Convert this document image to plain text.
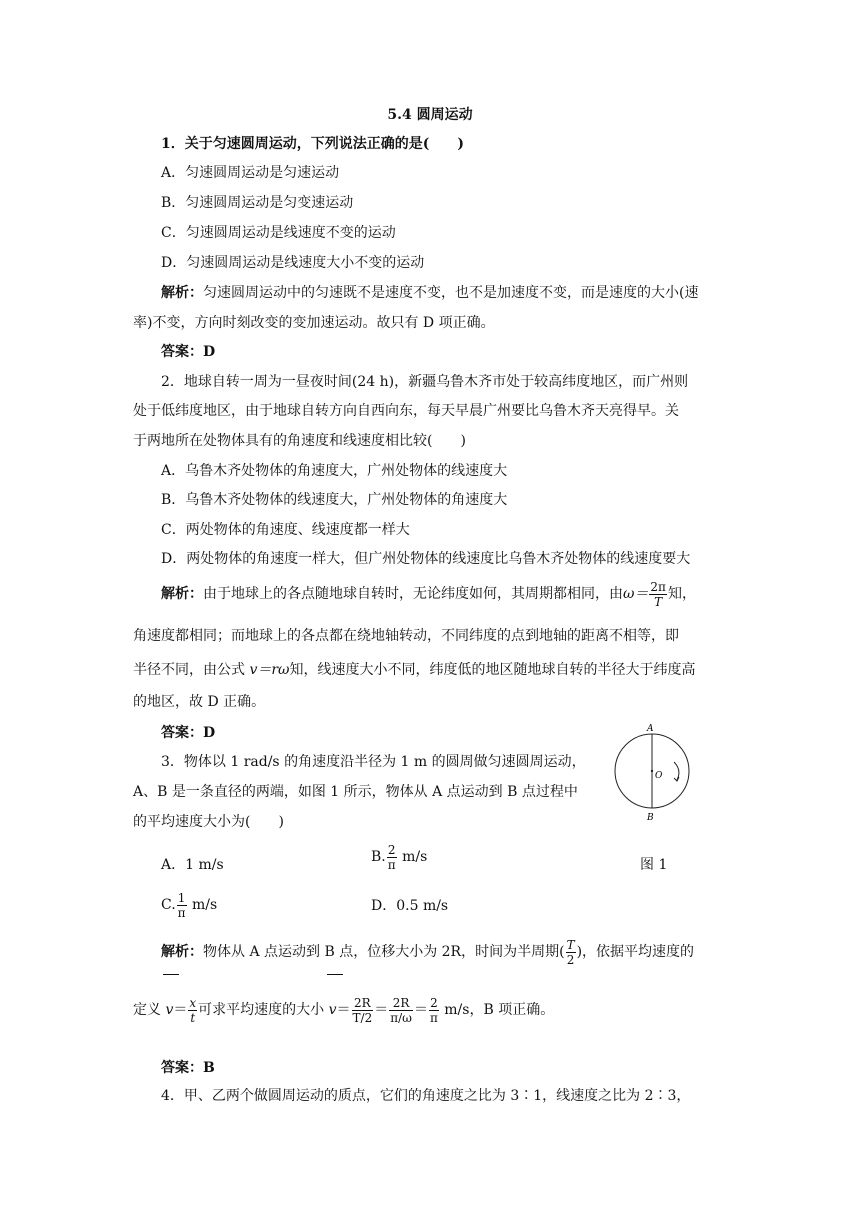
5.4 圆周运动
1．关于匀速圆周运动，下列说法正确的是(　　)
A．匀速圆周运动是匀速运动
B．匀速圆周运动是匀变速运动
C．匀速圆周运动是线速度不变的运动
D．匀速圆周运动是线速度大小不变的运动
解析：匀速圆周运动中的匀速既不是速度不变，也不是加速度不变，而是速度的大小(速
率)不变，方向时刻改变的变加速运动。故只有 D 项正确。
答案：D
2．地球自转一周为一昼夜时间(24 h)，新疆乌鲁木齐市处于较高纬度地区，而广州则
处于低纬度地区，由于地球自转方向自西向东，每天早晨广州要比乌鲁木齐天亮得早。关
于两地所在处物体具有的角速度和线速度相比较(　　)
A．乌鲁木齐处物体的角速度大，广州处物体的线速度大
B．乌鲁木齐处物体的线速度大，广州处物体的角速度大
C．两处物体的角速度、线速度都一样大
D．两处物体的角速度一样大，但广州处物体的线速度比乌鲁木齐处物体的线速度要大
解析：由于地球上的各点随地球自转时，无论纬度如何，其周期都相同，由$\omega= \frac{2\pi}{T}$ 知，
角速度都相同；而地球上的各点都在绕地轴转动，不同纬度的点到地轴的距离不相等，即
半径不同，由公式 v＝rω知，线速度大小不同，纬度低的地区随地球自转的半径大于纬度高
的地区，故 D 正确。
答案：D
3．物体以 1 rad/s 的角速度沿半径为 1 m 的圆周做匀速圆周运动，
A、B 是一条直径的两端，如图 1 所示，物体从 A 点运动到 B 点过程中
的平均速度大小为(　　)
A
O
B
A．1 m/s	B. $\frac{2}{\pi} m/s$	图 1
C. $\frac{1}{\pi} m/s$	D．0.5 m/s
解析：物体从 A 点运动到 B 点，位移大小为 2R，时间为半周期( $\frac{T}{2}$ )，依据平均速度的
定义 $v= \frac{x}{t}$ 可求平均速度的大小 $v= \frac{2R}{T/2} = \frac{2R}{\pi/\omega} = \frac{2}{\pi} m/s$，B 项正确。
答案：B
4．甲、乙两个做圆周运动的质点，它们的角速度之比为 3∶1，线速度之比为 2∶3，
